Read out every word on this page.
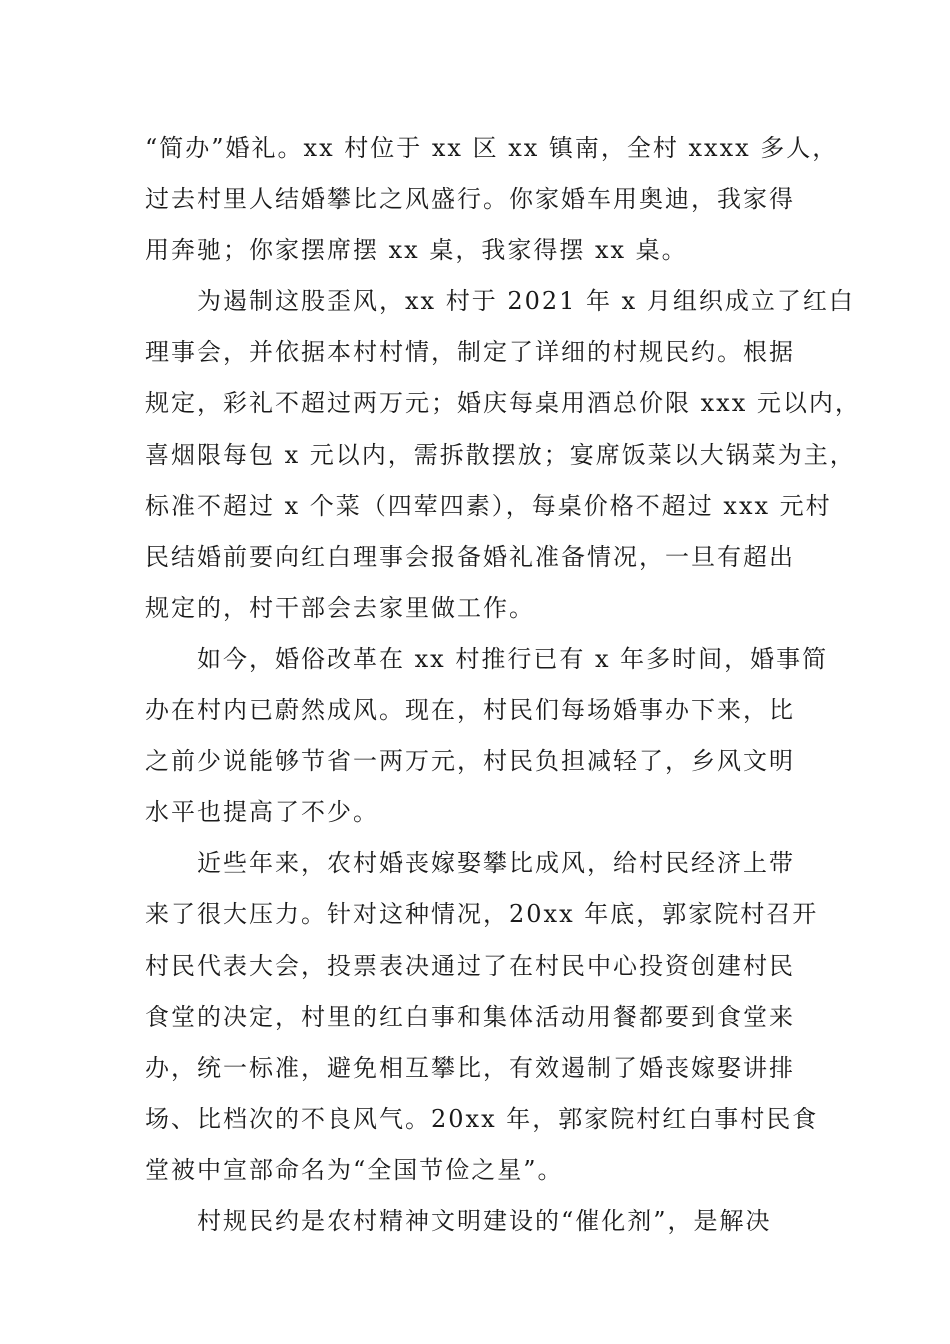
“简办”婚礼。xx 村位于 xx 区 xx 镇南，全村 xxxx 多人，
过去村里人结婚攀比之风盛行。你家婚车用奥迪，我家得
用奔驰；你家摆席摆 xx 桌，我家得摆 xx 桌。
为遏制这股歪风，xx 村于 2021 年 x 月组织成立了红白
理事会，并依据本村村情，制定了详细的村规民约。根据
规定，彩礼不超过两万元；婚庆每桌用酒总价限 xxx 元以内，
喜烟限每包 x 元以内，需拆散摆放；宴席饭菜以大锅菜为主，
标准不超过 x 个菜（四荤四素），每桌价格不超过 xxx 元村
民结婚前要向红白理事会报备婚礼准备情况，一旦有超出
规定的，村干部会去家里做工作。
如今，婚俗改革在 xx 村推行已有 x 年多时间，婚事简
办在村内已蔚然成风。现在，村民们每场婚事办下来，比
之前少说能够节省一两万元，村民负担减轻了，乡风文明
水平也提高了不少。
近些年来，农村婚丧嫁娶攀比成风，给村民经济上带
来了很大压力。针对这种情况，20xx 年底，郭家院村召开
村民代表大会，投票表决通过了在村民中心投资创建村民
食堂的决定，村里的红白事和集体活动用餐都要到食堂来
办，统一标准，避免相互攀比，有效遏制了婚丧嫁娶讲排
场、比档次的不良风气。20xx 年，郭家院村红白事村民食
堂被中宣部命名为“全国节俭之星”。
村规民约是农村精神文明建设的“催化剂”，是解决
